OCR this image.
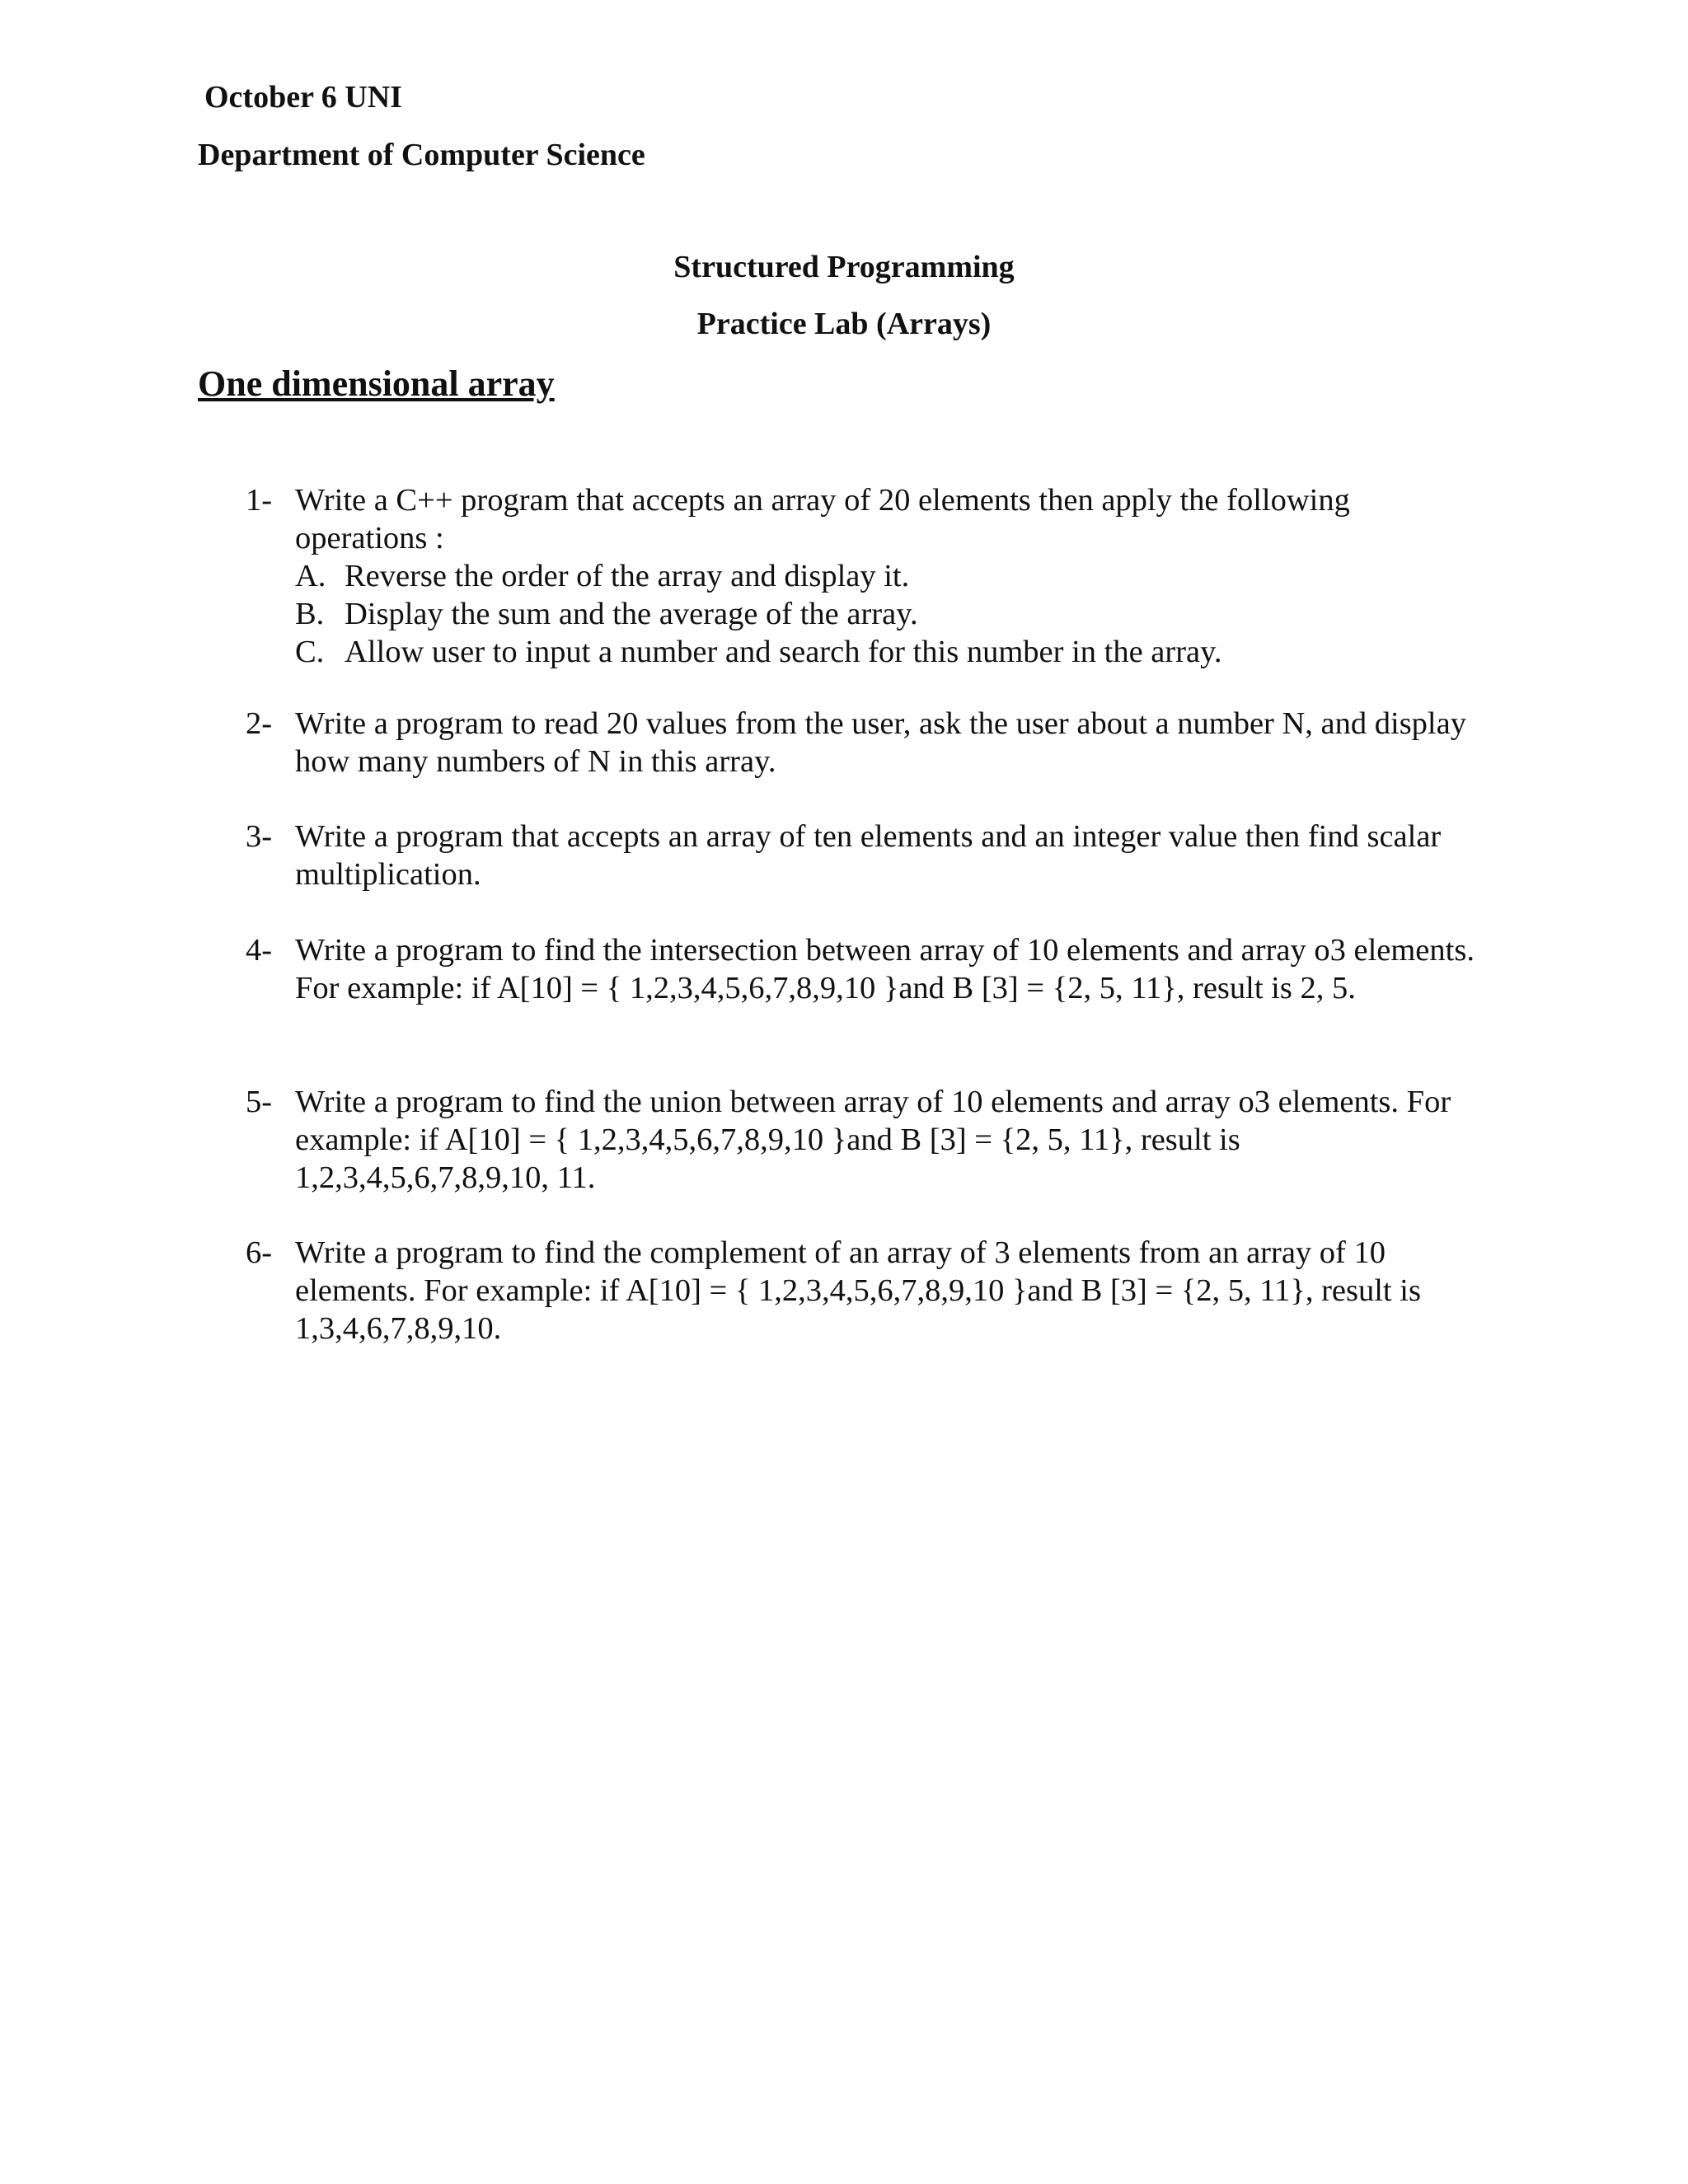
October 6 UNI
Department of Computer Science
Structured Programming
Practice Lab (Arrays)
One dimensional array
1- Write a C++ program that accepts an array of 20 elements then apply the following operations :
A. Reverse the order of the array and display it.
B. Display the sum and the average of the array.
C. Allow user to input a number and search for this number in the array.
2- Write a program to read 20 values from the user, ask the user about a number N, and display how many numbers of N in this array.
3- Write a program that accepts an array of ten elements and an integer value then find scalar multiplication.
4- Write a program to find the intersection between array of 10 elements and array o3 elements. For example: if A[10] = { 1,2,3,4,5,6,7,8,9,10 }and B [3] = {2, 5, 11}, result is 2, 5.
5- Write a program to find the union between array of 10 elements and array o3 elements. For example: if A[10] = { 1,2,3,4,5,6,7,8,9,10 }and B [3] = {2, 5, 11}, result is 1,2,3,4,5,6,7,8,9,10, 11.
6- Write a program to find the complement of an array of 3 elements from an array of 10 elements. For example: if A[10] = { 1,2,3,4,5,6,7,8,9,10 }and B [3] = {2, 5, 11}, result is 1,3,4,6,7,8,9,10.
